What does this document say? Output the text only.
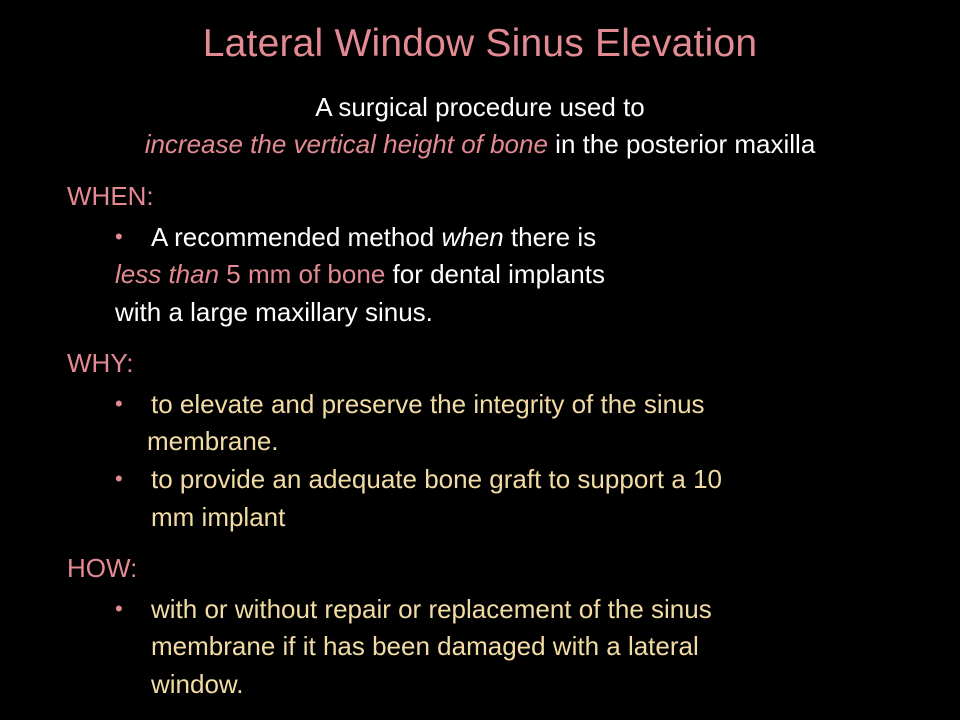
Lateral Window Sinus Elevation
A surgical procedure used to
increase the vertical height of bone in the posterior maxilla
WHEN:
• A recommended method when there is
less than 5 mm of bone for dental implants
with a large maxillary sinus.
WHY:
• to elevate and preserve the integrity of the sinus
membrane.
• to provide an adequate bone graft to support a 10
mm implant
HOW:
• with or without repair or replacement of the sinus
membrane if it has been damaged with a lateral
window.
